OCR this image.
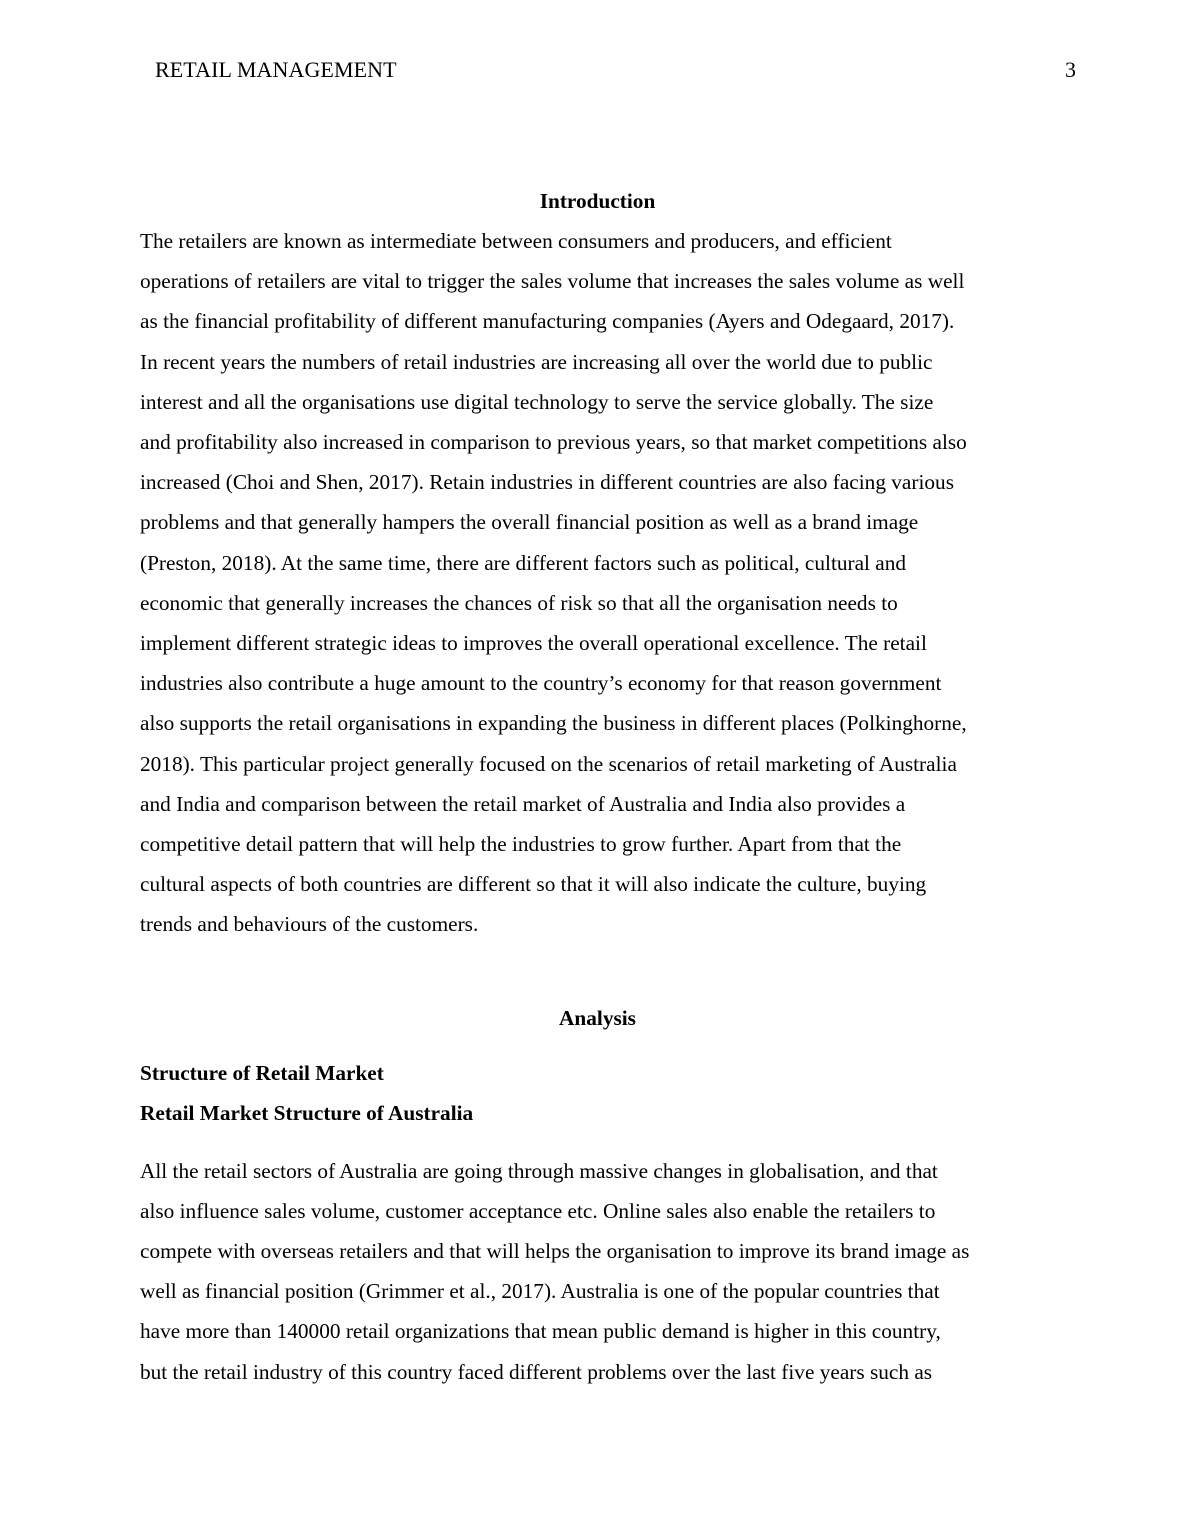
RETAIL MANAGEMENT	3
Introduction

The retailers are known as intermediate between consumers and producers, and efficient
operations of retailers are vital to trigger the sales volume that increases the sales volume as well
as the financial profitability of different manufacturing companies (Ayers and Odegaard, 2017).
In recent years the numbers of retail industries are increasing all over the world due to public
interest and all the organisations use digital technology to serve the service globally. The size
and profitability also increased in comparison to previous years, so that market competitions also
increased (Choi and Shen, 2017). Retain industries in different countries are also facing various
problems and that generally hampers the overall financial position as well as a brand image
(Preston, 2018). At the same time, there are different factors such as political, cultural and
economic that generally increases the chances of risk so that all the organisation needs to
implement different strategic ideas to improves the overall operational excellence. The retail
industries also contribute a huge amount to the country’s economy for that reason government
also supports the retail organisations in expanding the business in different places (Polkinghorne,
2018). This particular project generally focused on the scenarios of retail marketing of Australia
and India and comparison between the retail market of Australia and India also provides a
competitive detail pattern that will help the industries to grow further. Apart from that the
cultural aspects of both countries are different so that it will also indicate the culture, buying
trends and behaviours of the customers.

Analysis

Structure of Retail Market

Retail Market Structure of Australia

All the retail sectors of Australia are going through massive changes in globalisation, and that
also influence sales volume, customer acceptance etc. Online sales also enable the retailers to
compete with overseas retailers and that will helps the organisation to improve its brand image as
well as financial position (Grimmer et al., 2017). Australia is one of the popular countries that
have more than 140000 retail organizations that mean public demand is higher in this country,
but the retail industry of this country faced different problems over the last five years such as
